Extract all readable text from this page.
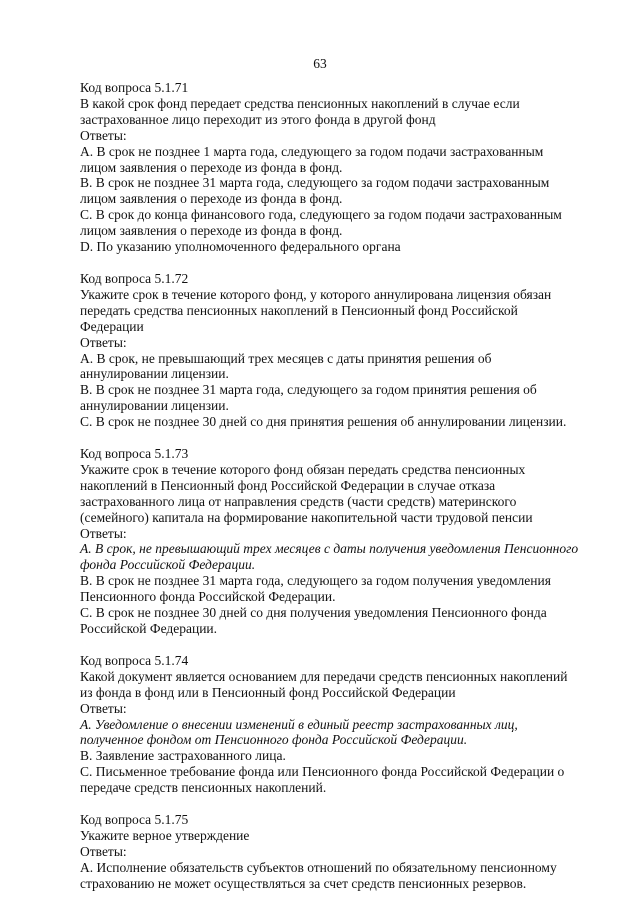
63

Код вопроса 5.1.71

В какой срок фонд передает средства пенсионных накоплений в случае если застрахованное лицо переходит из этого фонда в другой фонд

Ответы:

А. В срок не позднее 1 марта года, следующего за годом подачи застрахованным лицом заявления о переходе из фонда в фонд.

В. В срок не позднее 31 марта года, следующего за годом подачи застрахованным лицом заявления о переходе из фонда в фонд.

С. В срок до конца финансового года, следующего за годом подачи застрахованным лицом заявления о переходе из фонда в фонд.

D. По указанию уполномоченного федерального органа

Код вопроса 5.1.72

Укажите срок в течение которого фонд, у которого аннулирована лицензия обязан передать средства пенсионных накоплений в Пенсионный фонд Российской Федерации

Ответы:

А. В срок, не превышающий трех месяцев с даты принятия решения об аннулировании лицензии.

В. В срок не позднее 31 марта года, следующего за годом принятия решения об аннулировании лицензии.

С. В срок не позднее 30 дней со дня принятия решения об аннулировании лицензии.

Код вопроса 5.1.73

Укажите срок в течение которого фонд обязан передать средства пенсионных накоплений в Пенсионный фонд Российской Федерации в случае отказа застрахованного лица от направления средств (части средств) материнского (семейного) капитала на формирование накопительной части трудовой пенсии

Ответы:

А. В срок, не превышающий трех месяцев с даты получения уведомления Пенсионного фонда Российской Федерации.

В. В срок не позднее 31 марта года, следующего за годом получения уведомления Пенсионного фонда Российской Федерации.

С. В срок не позднее 30 дней со дня получения уведомления Пенсионного фонда Российской Федерации.

Код вопроса 5.1.74

Какой документ является основанием для передачи средств пенсионных накоплений из фонда в фонд или в Пенсионный фонд Российской Федерации

Ответы:

А. Уведомление о внесении изменений в единый реестр застрахованных лиц, полученное фондом от Пенсионного фонда Российской Федерации.

В. Заявление застрахованного лица.

С. Письменное требование фонда или Пенсионного фонда Российской Федерации о передаче средств пенсионных накоплений.

Код вопроса 5.1.75

Укажите верное утверждение

Ответы:

А. Исполнение обязательств субъектов отношений по обязательному пенсионному страхованию не может осуществляться за счет средств пенсионных резервов.
